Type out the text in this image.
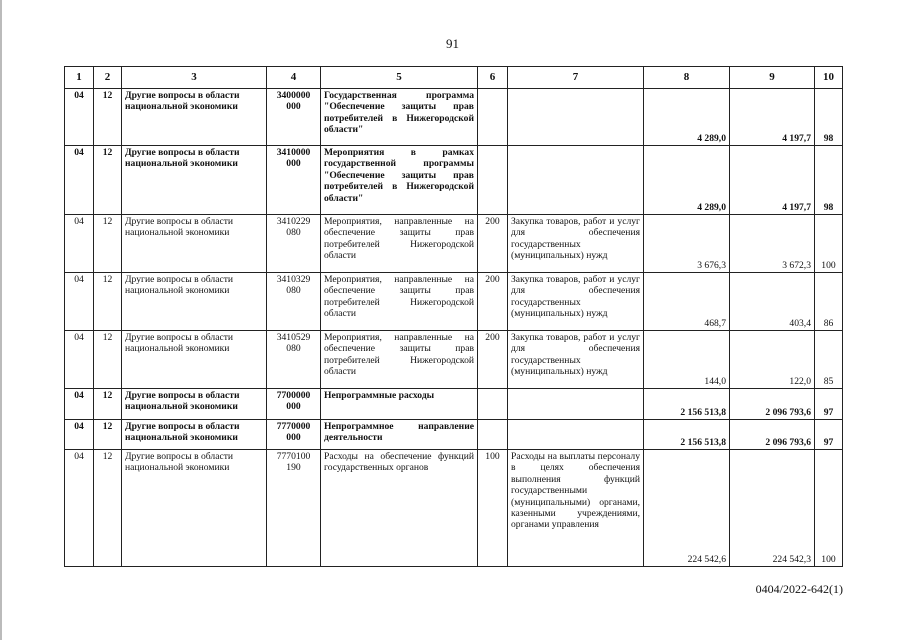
91
1	2	3	4	5	6	7	8	9	10
04	12	Другие вопросы в области национальной экономики	3400000 000	Государственная программа "Обеспечение защиты прав потребителей в Нижегородской области"			4 289,0	4 197,7	98
04	12	Другие вопросы в области национальной экономики	3410000 000	Мероприятия в рамках государственной программы "Обеспечение защиты прав потребителей в Нижегородской области"			4 289,0	4 197,7	98
04	12	Другие вопросы в области национальной экономики	3410229 080	Мероприятия, направленные на обеспечение защиты прав потребителей Нижегородской области	200	Закупка товаров, работ и услуг для обеспечения государственных (муниципальных) нужд	3 676,3	3 672,3	100
04	12	Другие вопросы в области национальной экономики	3410329 080	Мероприятия, направленные на обеспечение защиты прав потребителей Нижегородской области	200	Закупка товаров, работ и услуг для обеспечения государственных (муниципальных) нужд	468,7	403,4	86
04	12	Другие вопросы в области национальной экономики	3410529 080	Мероприятия, направленные на обеспечение защиты прав потребителей Нижегородской области	200	Закупка товаров, работ и услуг для обеспечения государственных (муниципальных) нужд	144,0	122,0	85
04	12	Другие вопросы в области национальной экономики	7700000 000	Непрограммные расходы			2 156 513,8	2 096 793,6	97
04	12	Другие вопросы в области национальной экономики	7770000 000	Непрограммное направление деятельности			2 156 513,8	2 096 793,6	97
04	12	Другие вопросы в области национальной экономики	7770100 190	Расходы на обеспечение функций государственных органов	100	Расходы на выплаты персоналу в целях обеспечения выполнения функций государственными (муниципальными) органами, казенными учреждениями, органами управления	224 542,6	224 542,3	100
0404/2022-642(1)
